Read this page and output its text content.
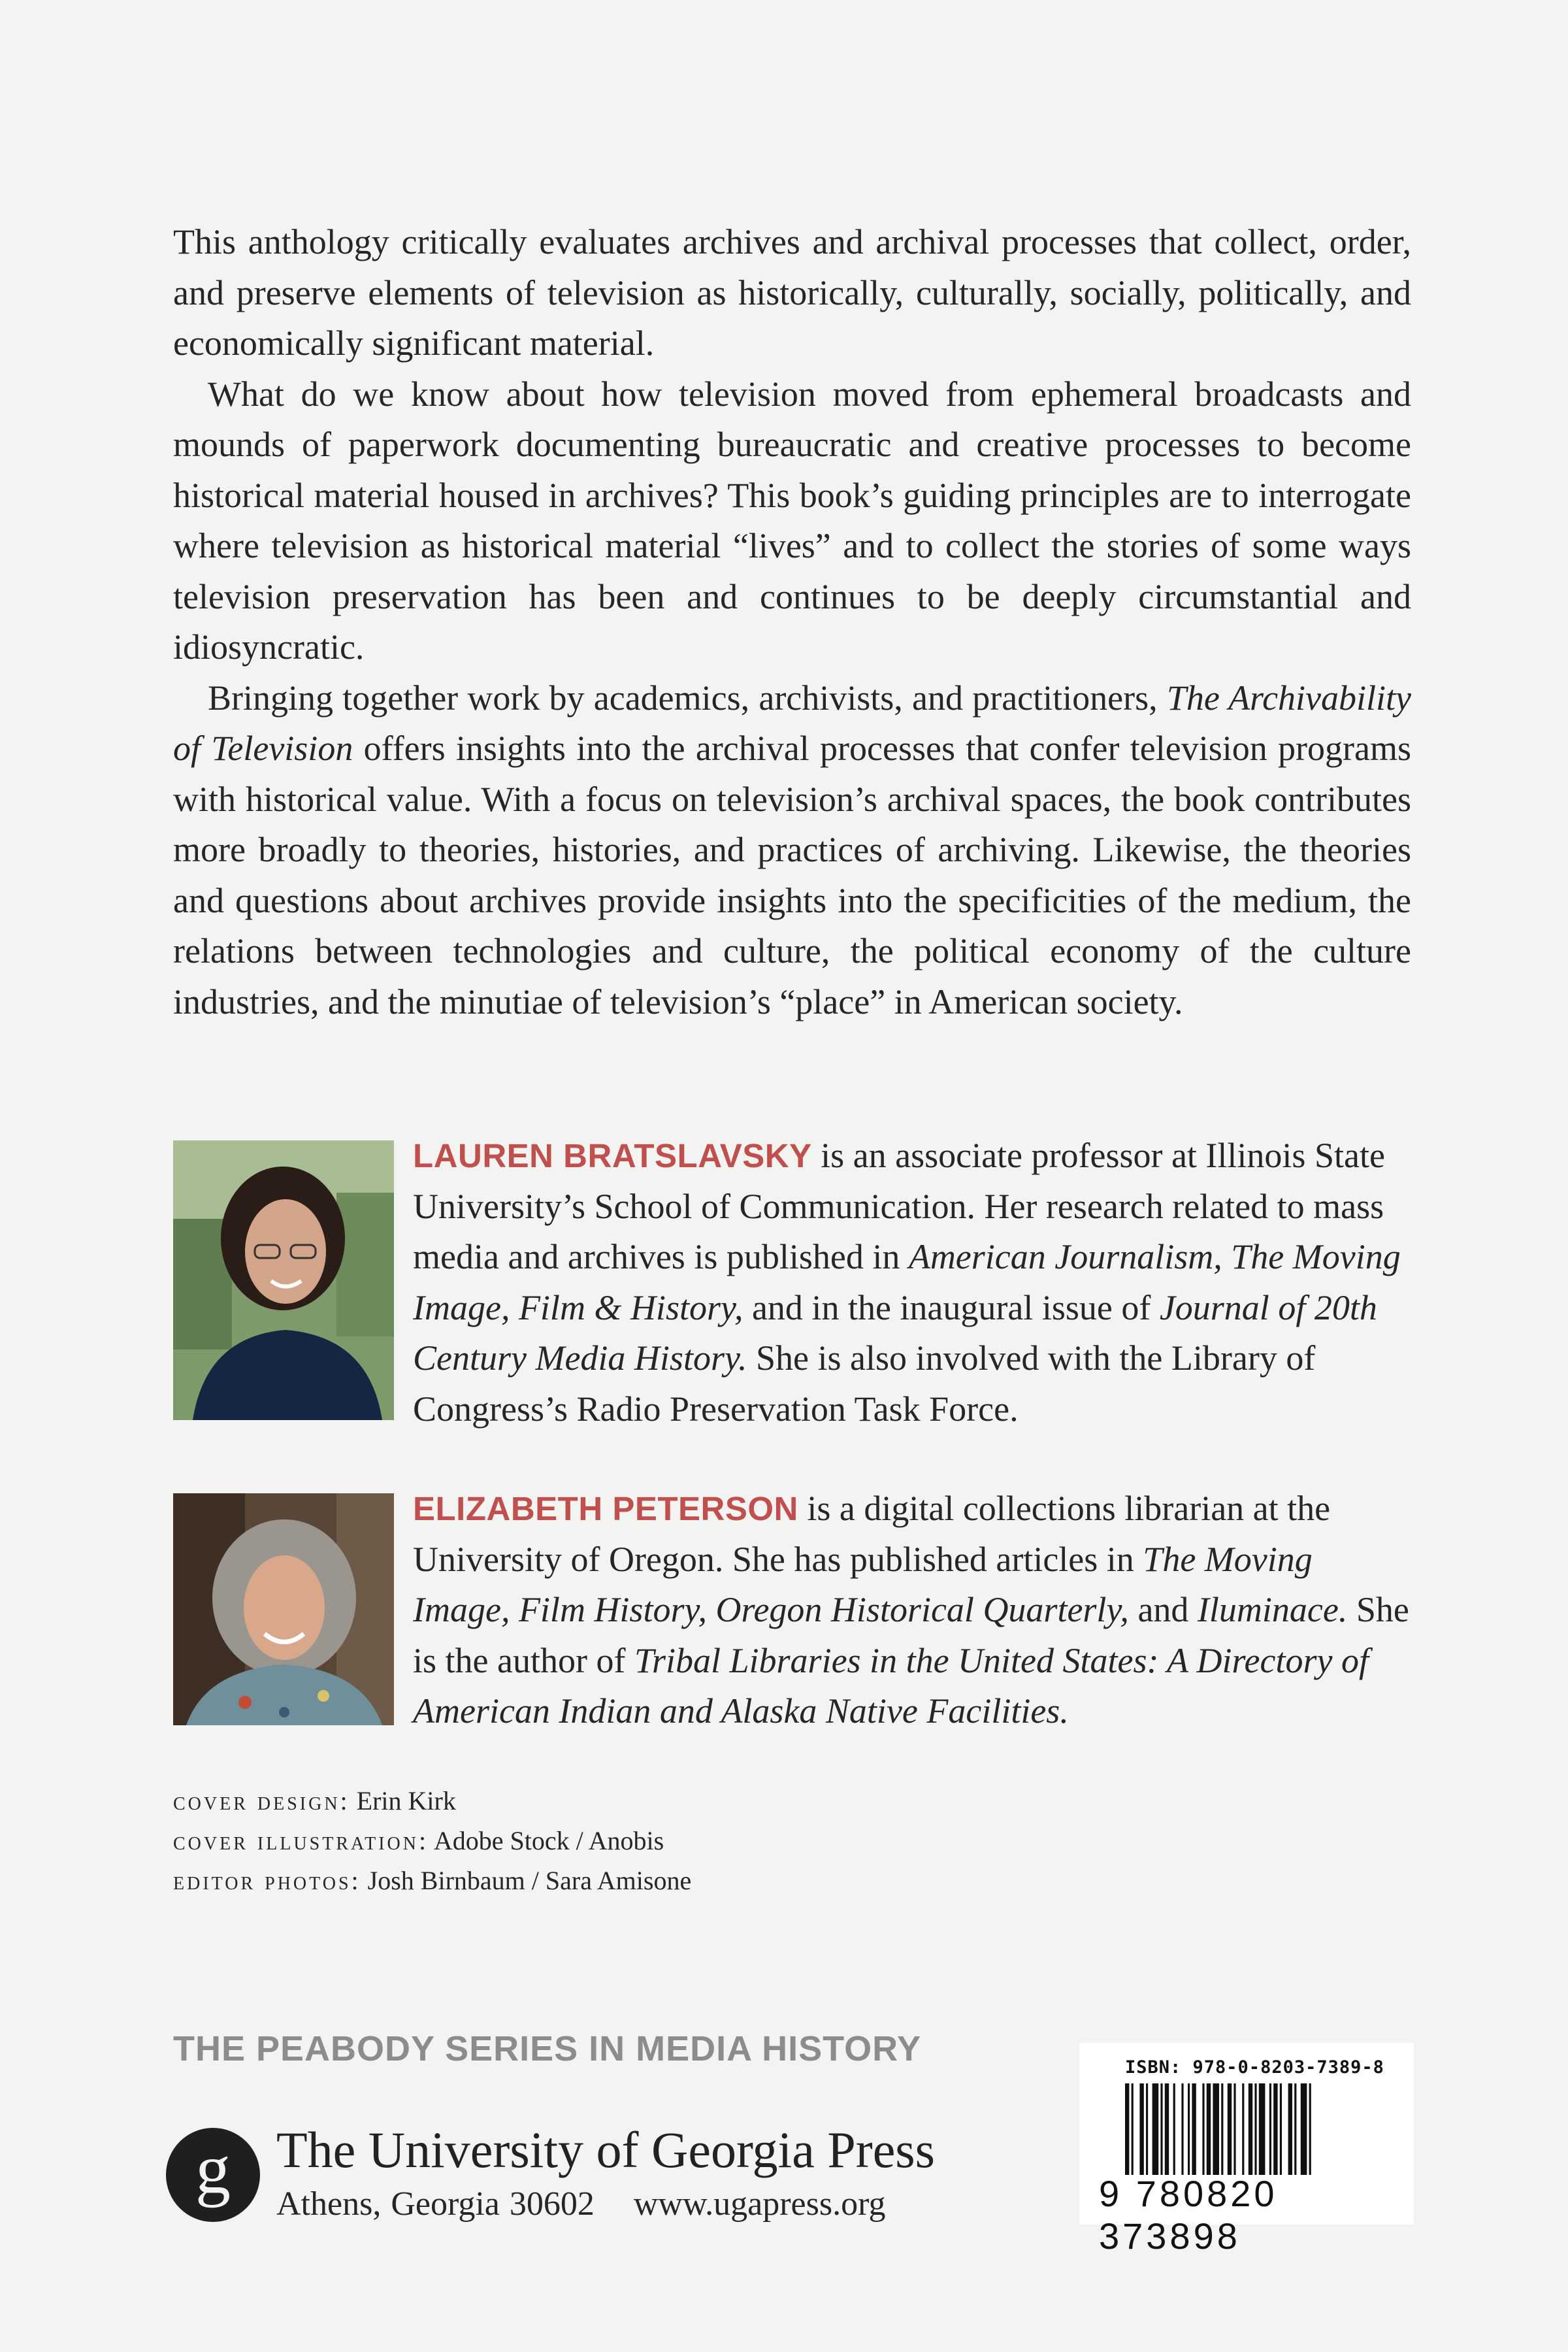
This anthology critically evaluates archives and archival processes that collect, order, and preserve elements of television as historically, culturally, socially, politically, and economically significant material.

What do we know about how television moved from ephemeral broadcasts and mounds of paperwork documenting bureaucratic and creative processes to become historical material housed in archives? This book’s guiding principles are to interrogate where television as historical material “lives” and to collect the stories of some ways television preservation has been and continues to be deeply circumstantial and idiosyncratic.

Bringing together work by academics, archivists, and practitioners, The Archivability of Television offers insights into the archival processes that confer television programs with historical value. With a focus on television’s archival spaces, the book contributes more broadly to theories, histories, and practices of archiving. Likewise, the theories and questions about archives provide insights into the specificities of the medium, the relations between technologies and culture, the political economy of the culture industries, and the minutiae of television’s “place” in American society.

LAUREN BRATSLAVSKY is an associate professor at Illinois State University’s School of Communication. Her research related to mass media and archives is published in American Journalism, The Moving Image, Film & History, and in the inaugural issue of Journal of 20th Century Media History. She is also involved with the Library of Congress’s Radio Preservation Task Force.
ELIZABETH PETERSON is a digital collections librarian at the University of Oregon. She has published articles in The Moving Image, Film History, Oregon Historical Quarterly, and Iluminace. She is the author of Tribal Libraries in the United States: A Directory of American Indian and Alaska Native Facilities.
cover design: Erin Kirk
cover illustration: Adobe Stock / Anobis
editor photos: Josh Birnbaum / Sara Amisone
THE PEABODY SERIES IN MEDIA HISTORY
g The University of Georgia Press
Athens, Georgia 30602 www.ugapress.org
ISBN: 978-0-8203-7389-8
9 780820 373898
